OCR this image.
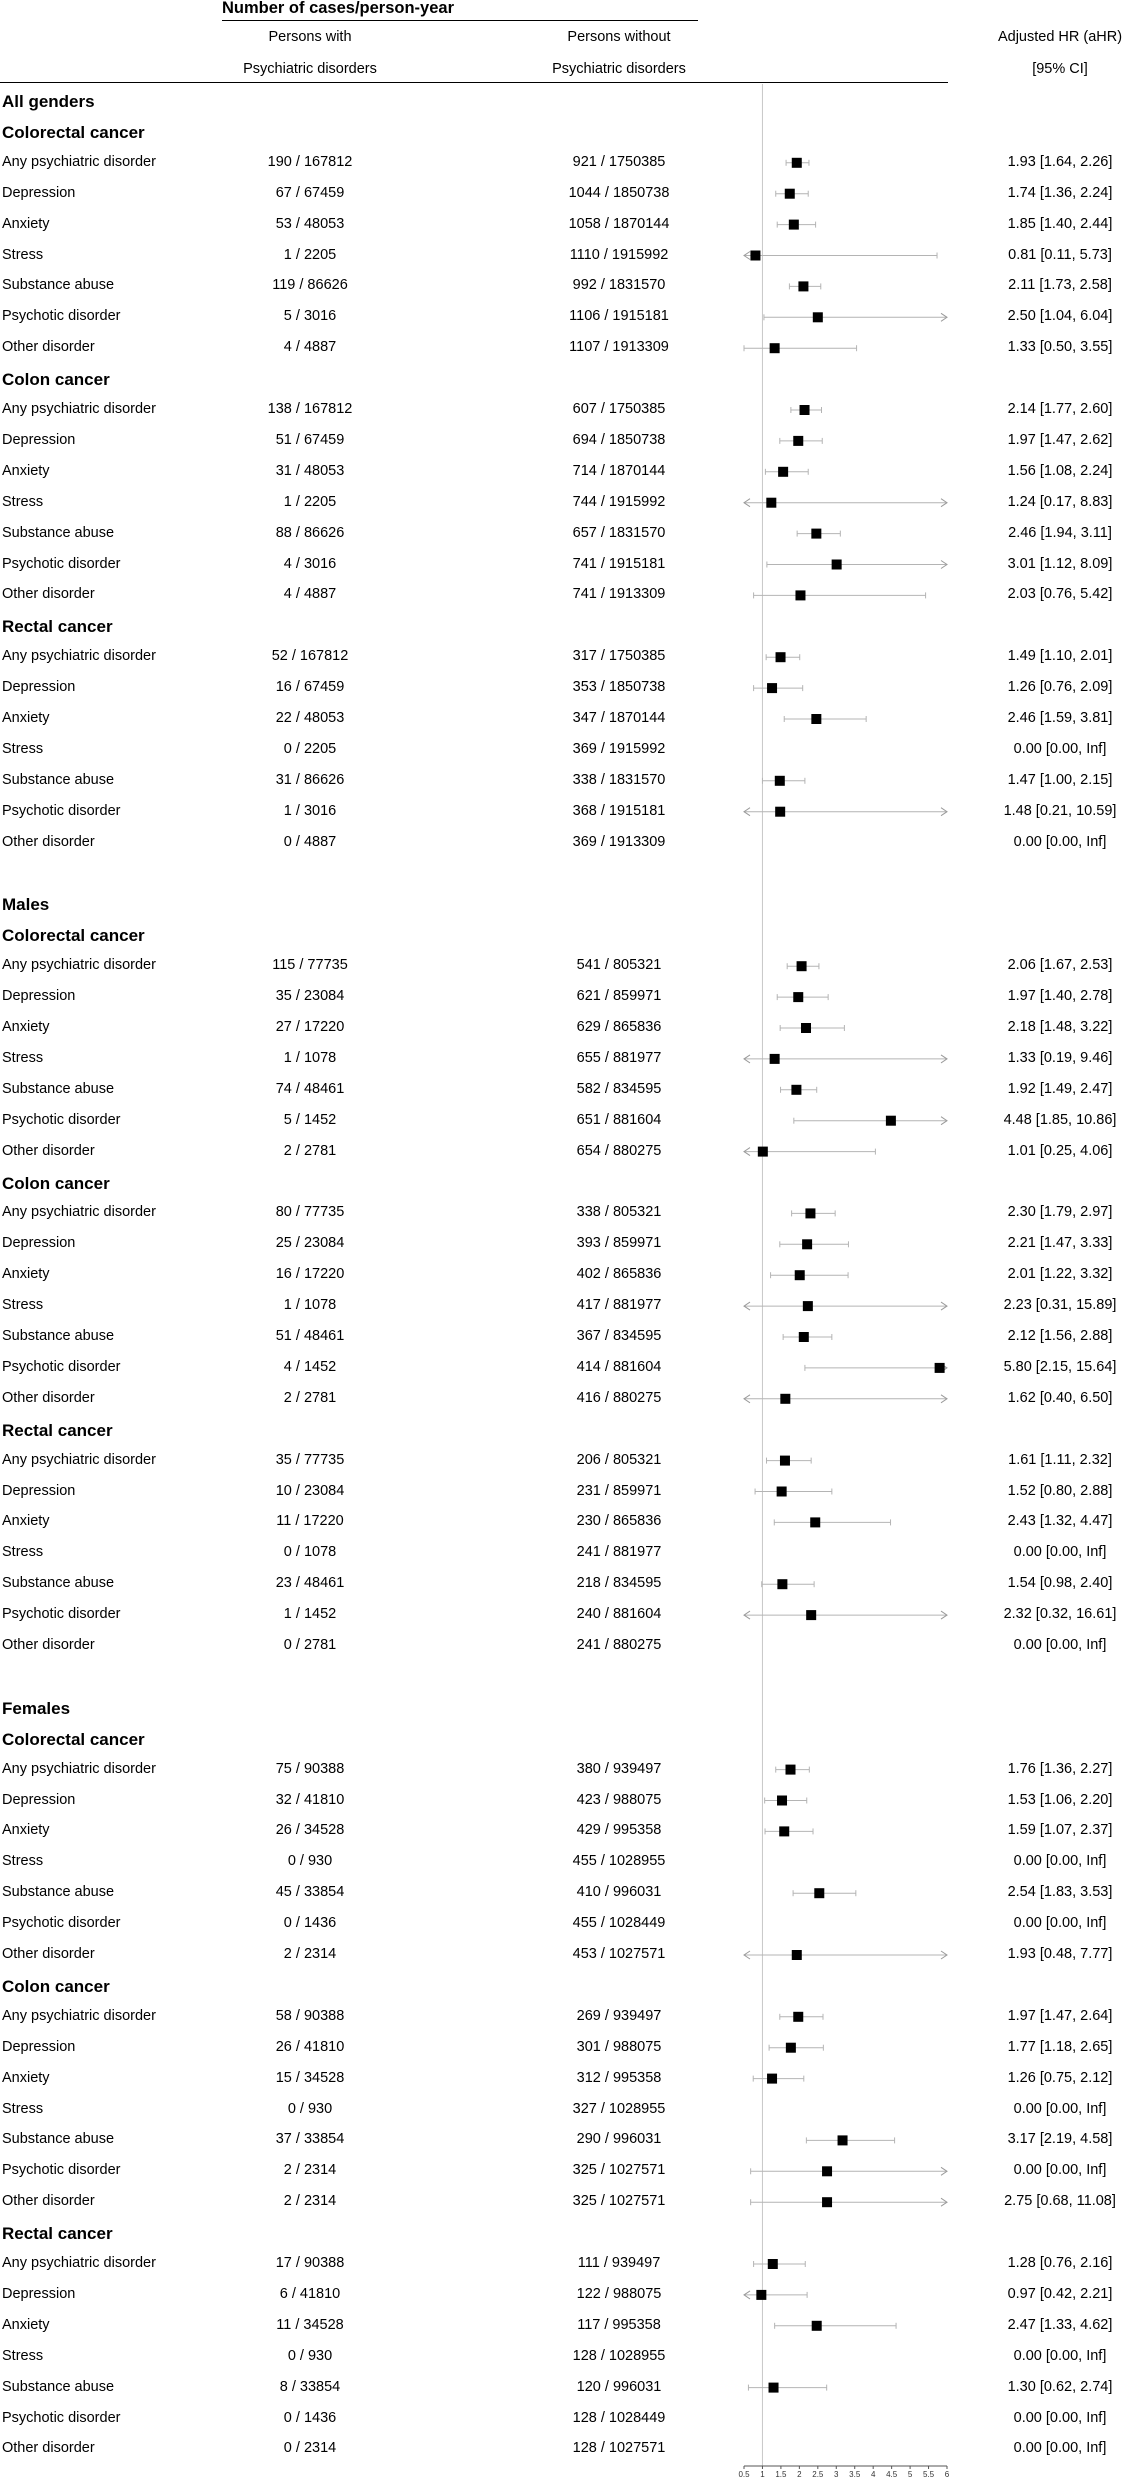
Number of cases/person-year
Persons with
Psychiatric disorders
Persons without
Psychiatric disorders
Adjusted HR (aHR)
[95% CI]
All genders
Colorectal cancer
Any psychiatric disorder	190 / 167812	921 / 1750385	1.93 [1.64, 2.26]
Depression	67 / 67459	1044 / 1850738	1.74 [1.36, 2.24]
Anxiety	53 / 48053	1058 / 1870144	1.85 [1.40, 2.44]
Stress	1 / 2205	1110 / 1915992	0.81 [0.11, 5.73]
Substance abuse	119 / 86626	992 / 1831570	2.11 [1.73, 2.58]
Psychotic disorder	5 / 3016	1106 / 1915181	2.50 [1.04, 6.04]
Other disorder	4 / 4887	1107 / 1913309	1.33 [0.50, 3.55]
Colon cancer
Any psychiatric disorder	138 / 167812	607 / 1750385	2.14 [1.77, 2.60]
Depression	51 / 67459	694 / 1850738	1.97 [1.47, 2.62]
Anxiety	31 / 48053	714 / 1870144	1.56 [1.08, 2.24]
Stress	1 / 2205	744 / 1915992	1.24 [0.17, 8.83]
Substance abuse	88 / 86626	657 / 1831570	2.46 [1.94, 3.11]
Psychotic disorder	4 / 3016	741 / 1915181	3.01 [1.12, 8.09]
Other disorder	4 / 4887	741 / 1913309	2.03 [0.76, 5.42]
Rectal cancer
Any psychiatric disorder	52 / 167812	317 / 1750385	1.49 [1.10, 2.01]
Depression	16 / 67459	353 / 1850738	1.26 [0.76, 2.09]
Anxiety	22 / 48053	347 / 1870144	2.46 [1.59, 3.81]
Stress	0 / 2205	369 / 1915992	0.00 [0.00, Inf]
Substance abuse	31 / 86626	338 / 1831570	1.47 [1.00, 2.15]
Psychotic disorder	1 / 3016	368 / 1915181	1.48 [0.21, 10.59]
Other disorder	0 / 4887	369 / 1913309	0.00 [0.00, Inf]
Males
Colorectal cancer
Any psychiatric disorder	115 / 77735	541 / 805321	2.06 [1.67, 2.53]
Depression	35 / 23084	621 / 859971	1.97 [1.40, 2.78]
Anxiety	27 / 17220	629 / 865836	2.18 [1.48, 3.22]
Stress	1 / 1078	655 / 881977	1.33 [0.19, 9.46]
Substance abuse	74 / 48461	582 / 834595	1.92 [1.49, 2.47]
Psychotic disorder	5 / 1452	651 / 881604	4.48 [1.85, 10.86]
Other disorder	2 / 2781	654 / 880275	1.01 [0.25, 4.06]
Colon cancer
Any psychiatric disorder	80 / 77735	338 / 805321	2.30 [1.79, 2.97]
Depression	25 / 23084	393 / 859971	2.21 [1.47, 3.33]
Anxiety	16 / 17220	402 / 865836	2.01 [1.22, 3.32]
Stress	1 / 1078	417 / 881977	2.23 [0.31, 15.89]
Substance abuse	51 / 48461	367 / 834595	2.12 [1.56, 2.88]
Psychotic disorder	4 / 1452	414 / 881604	5.80 [2.15, 15.64]
Other disorder	2 / 2781	416 / 880275	1.62 [0.40, 6.50]
Rectal cancer
Any psychiatric disorder	35 / 77735	206 / 805321	1.61 [1.11, 2.32]
Depression	10 / 23084	231 / 859971	1.52 [0.80, 2.88]
Anxiety	11 / 17220	230 / 865836	2.43 [1.32, 4.47]
Stress	0 / 1078	241 / 881977	0.00 [0.00, Inf]
Substance abuse	23 / 48461	218 / 834595	1.54 [0.98, 2.40]
Psychotic disorder	1 / 1452	240 / 881604	2.32 [0.32, 16.61]
Other disorder	0 / 2781	241 / 880275	0.00 [0.00, Inf]
Females
Colorectal cancer
Any psychiatric disorder	75 / 90388	380 / 939497	1.76 [1.36, 2.27]
Depression	32 / 41810	423 / 988075	1.53 [1.06, 2.20]
Anxiety	26 / 34528	429 / 995358	1.59 [1.07, 2.37]
Stress	0 / 930	455 / 1028955	0.00 [0.00, Inf]
Substance abuse	45 / 33854	410 / 996031	2.54 [1.83, 3.53]
Psychotic disorder	0 / 1436	455 / 1028449	0.00 [0.00, Inf]
Other disorder	2 / 2314	453 / 1027571	1.93 [0.48, 7.77]
Colon cancer
Any psychiatric disorder	58 / 90388	269 / 939497	1.97 [1.47, 2.64]
Depression	26 / 41810	301 / 988075	1.77 [1.18, 2.65]
Anxiety	15 / 34528	312 / 995358	1.26 [0.75, 2.12]
Stress	0 / 930	327 / 1028955	0.00 [0.00, Inf]
Substance abuse	37 / 33854	290 / 996031	3.17 [2.19, 4.58]
Psychotic disorder	2 / 2314	325 / 1027571	0.00 [0.00, Inf]
Other disorder	2 / 2314	325 / 1027571	2.75 [0.68, 11.08]
Rectal cancer
Any psychiatric disorder	17 / 90388	111 / 939497	1.28 [0.76, 2.16]
Depression	6 / 41810	122 / 988075	0.97 [0.42, 2.21]
Anxiety	11 / 34528	117 / 995358	2.47 [1.33, 4.62]
Stress	0 / 930	128 / 1028955	0.00 [0.00, Inf]
Substance abuse	8 / 33854	120 / 996031	1.30 [0.62, 2.74]
Psychotic disorder	0 / 1436	128 / 1028449	0.00 [0.00, Inf]
Other disorder	0 / 2314	128 / 1027571	0.00 [0.00, Inf]
0.5 1 1.5 2 2.5 3 3.5 4 4.5 5 5.5 6
